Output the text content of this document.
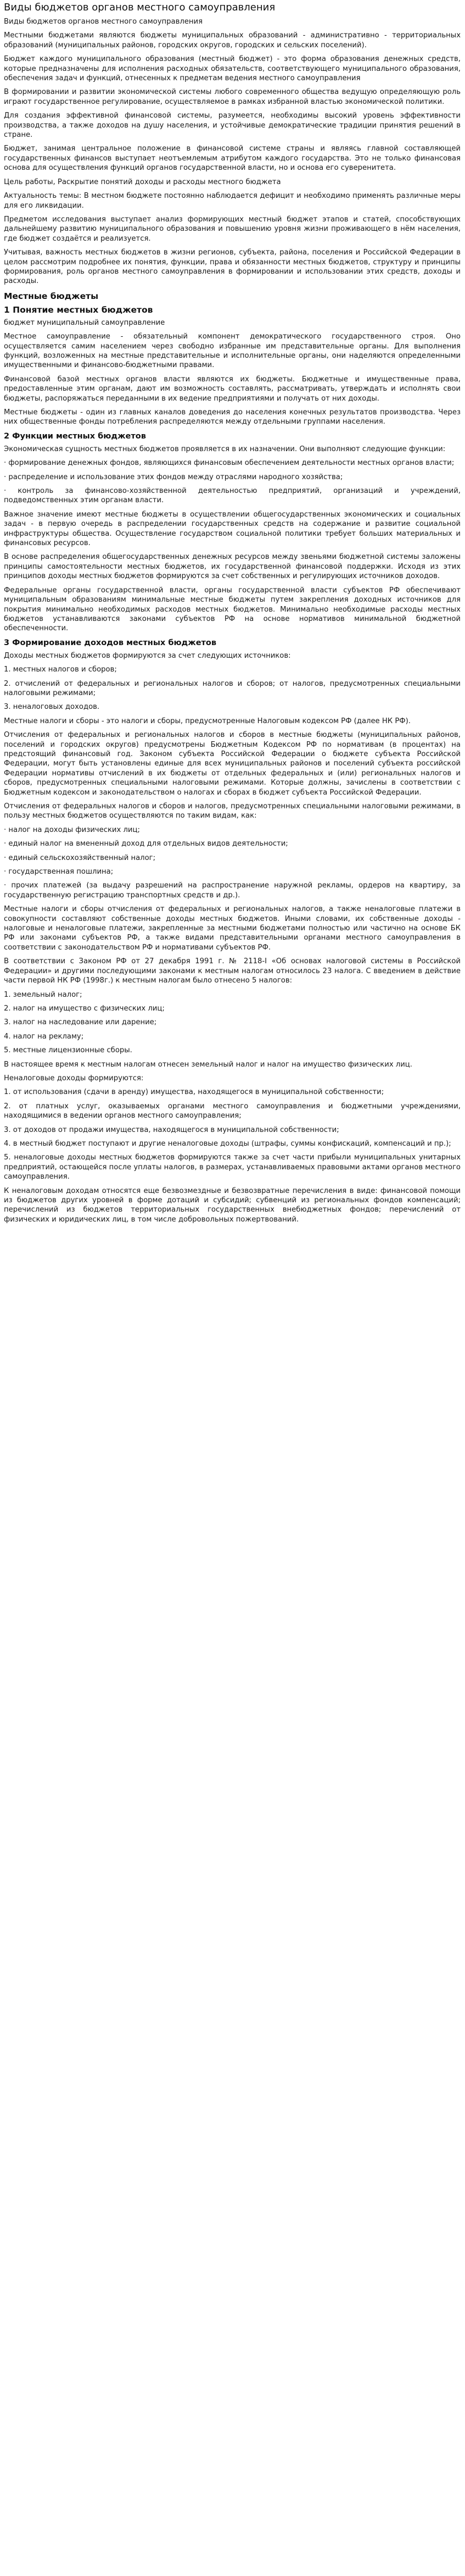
Виды бюджетов органов местного самоуправления

Виды бюджетов органов местного самоуправления

Местными бюджетами являются бюджеты муниципальных образований - административно - территориальных образований (муниципальных районов, городских округов, городских и сельских поселений).

Бюджет каждого муниципального образования (местный бюджет) - это форма образования денежных средств, которые предназначены для исполнения расходных обязательств, соответствующего муниципального образования, обеспечения задач и функций, отнесенных к предметам ведения местного самоуправления

В формировании и развитии экономической системы любого современного общества ведущую определяющую роль играют государственное регулирование, осуществляемое в рамках избранной властью экономической политики.

Для создания эффективной финансовой системы, разумеется, необходимы высокий уровень эффективности производства, а также доходов на душу населения, и устойчивые демократические традиции принятия решений в стране.

Бюджет, занимая центральное положение в финансовой системе страны и являясь главной составляющей государственных финансов выступает неотъемлемым атрибутом каждого государства. Это не только финансовая основа для осуществления функций органов государственной власти, но и основа его суверенитета.

Цель работы, Раскрытие понятий доходы и расходы местного бюджета

Актуальность темы: В местном бюджете постоянно наблюдается дефицит и необходимо применять различные меры для его ликвидации.

Предметом исследования выступает анализ формирующих местный бюджет этапов и статей, способствующих дальнейшему развитию муниципального образования и повышению уровня жизни проживающего в нём населения, где бюджет создаётся и реализуется.

Учитывая, важность местных бюджетов в жизни регионов, субъекта, района, поселения и Российской Федерации в целом рассмотрим подробнее их понятия, функции, права и обязанности местных бюджетов, структуру и принципы формирования, роль органов местного самоуправления в формировании и использовании этих средств, доходы и расходы.

Местные бюджеты
1 Понятие местных бюджетов

бюджет муниципальный самоуправление

Местное самоуправление - обязательный компонент демократического государственного строя. Оно осуществляется самим населением через свободно избранные им представительные органы. Для выполнения функций, возложенных на местные представительные и исполнительные органы, они наделяются определенными имущественными и финансово-бюджетными правами.

Финансовой базой местных органов власти являются их бюджеты. Бюджетные и имущественные права, предоставленные этим органам, дают им возможность составлять, рассматривать, утверждать и исполнять свои бюджеты, распоряжаться переданными в их ведение предприятиями и получать от них доходы.

Местные бюджеты - один из главных каналов доведения до населения конечных результатов производства. Через них общественные фонды потребления распределяются между отдельными группами населения.

2 Функции местных бюджетов

Экономическая сущность местных бюджетов проявляется в их назначении. Они выполняют следующие функции:

· формирование денежных фондов, являющихся финансовым обеспечением деятельности местных органов власти;

· распределение и использование этих фондов между отраслями народного хозяйства;

· контроль за финансово-хозяйственной деятельностью предприятий, организаций и учреждений, подведомственных этим органам власти.

Важное значение имеют местные бюджеты в осуществлении общегосударственных экономических и социальных задач - в первую очередь в распределении государственных средств на содержание и развитие социальной инфраструктуры общества. Осуществление государством социальной политики требует больших материальных и финансовых ресурсов.

В основе распределения общегосударственных денежных ресурсов между звеньями бюджетной системы заложены принципы самостоятельности местных бюджетов, их государственной финансовой поддержки. Исходя из этих принципов доходы местных бюджетов формируются за счет собственных и регулирующих источников доходов.

Федеральные органы государственной власти, органы государственной власти субъектов РФ обеспечивают муниципальным образованиям минимальные местные бюджеты путем закрепления доходных источников для покрытия минимально необходимых расходов местных бюджетов. Минимально необходимые расходы местных бюджетов устанавливаются законами субъектов РФ на основе нормативов минимальной бюджетной обеспеченности.

3 Формирование доходов местных бюджетов

Доходы местных бюджетов формируются за счет следующих источников:

1. местных налогов и сборов;

2. отчислений от федеральных и региональных налогов и сборов; от налогов, предусмотренных специальными налоговыми режимами;

3. неналоговых доходов.

Местные налоги и сборы - это налоги и сборы, предусмотренные Налоговым кодексом РФ (далее НК РФ).

Отчисления от федеральных и региональных налогов и сборов в местные бюджеты (муниципальных районов, поселений и городских округов) предусмотрены Бюджетным Кодексом РФ по нормативам (в процентах) на предстоящий финансовый год. Законом субъекта Российской Федерации о бюджете субъекта Российской Федерации, могут быть установлены единые для всех муниципальных районов и поселений субъекта российской Федерации нормативы отчислений в их бюджеты от отдельных федеральных и (или) региональных налогов и сборов, предусмотренных специальными налоговыми режимами. Которые должны, зачислены в соответствии с Бюджетным кодексом и законодательством о налогах и сборах в бюджет субъекта Российской Федерации.

Отчисления от федеральных налогов и сборов и налогов, предусмотренных специальными налоговыми режимами, в пользу местных бюджетов осуществляются по таким видам, как:

· налог на доходы физических лиц;

· единый налог на вмененный доход для отдельных видов деятельности;

· единый сельскохозяйственный налог;

· государственная пошлина;

· прочих платежей (за выдачу разрешений на распространение наружной рекламы, ордеров на квартиру, за государственную регистрацию транспортных средств и др.).

Местные налоги и сборы отчисления от федеральных и региональных налогов, а также неналоговые платежи в совокупности составляют собственные доходы местных бюджетов. Иными словами, их собственные доходы - налоговые и неналоговые платежи, закрепленные за местными бюджетами полностью или частично на основе БК РФ или законами субъектов РФ, а также видами представительными органами местного самоуправления в соответствии с законодательством РФ и нормативами субъектов РФ.

В соответствии с Законом РФ от 27 декабря 1991 г. № 2118-I «Об основах налоговой системы в Российской Федерации» и другими последующими законами к местным налогам относилось 23 налога. С введением в действие части первой НК РФ (1998г.) к местным налогам было отнесено 5 налогов:

1. земельный налог;

2. налог на имущество с физических лиц;

3. налог на наследование или дарение;

4. налог на рекламу;

5. местные лицензионные сборы.

В настоящее время к местным налогам отнесен земельный налог и налог на имущество физических лиц.

Неналоговые доходы формируются:

1. от использования (сдачи в аренду) имущества, находящегося в муниципальной собственности;

2. от платных услуг, оказываемых органами местного самоуправления и бюджетными учреждениями, находящимися в ведении органов местного самоуправления;

3. от доходов от продажи имущества, находящегося в муниципальной собственности;

4. в местный бюджет поступают и другие неналоговые доходы (штрафы, суммы конфискаций, компенсаций и пр.);

5. неналоговые доходы местных бюджетов формируются также за счет части прибыли муниципальных унитарных предприятий, остающейся после уплаты налогов, в размерах, устанавливаемых правовыми актами органов местного самоуправления.

К неналоговым доходам относятся еще безвозмездные и безвозвратные перечисления в виде: финансовой помощи из бюджетов других уровней в форме дотаций и субсидий; субвенций из региональных фондов компенсаций; перечислений из бюджетов территориальных государственных внебюджетных фондов; перечислений от физических и юридических лиц, в том числе добровольных пожертвований.
